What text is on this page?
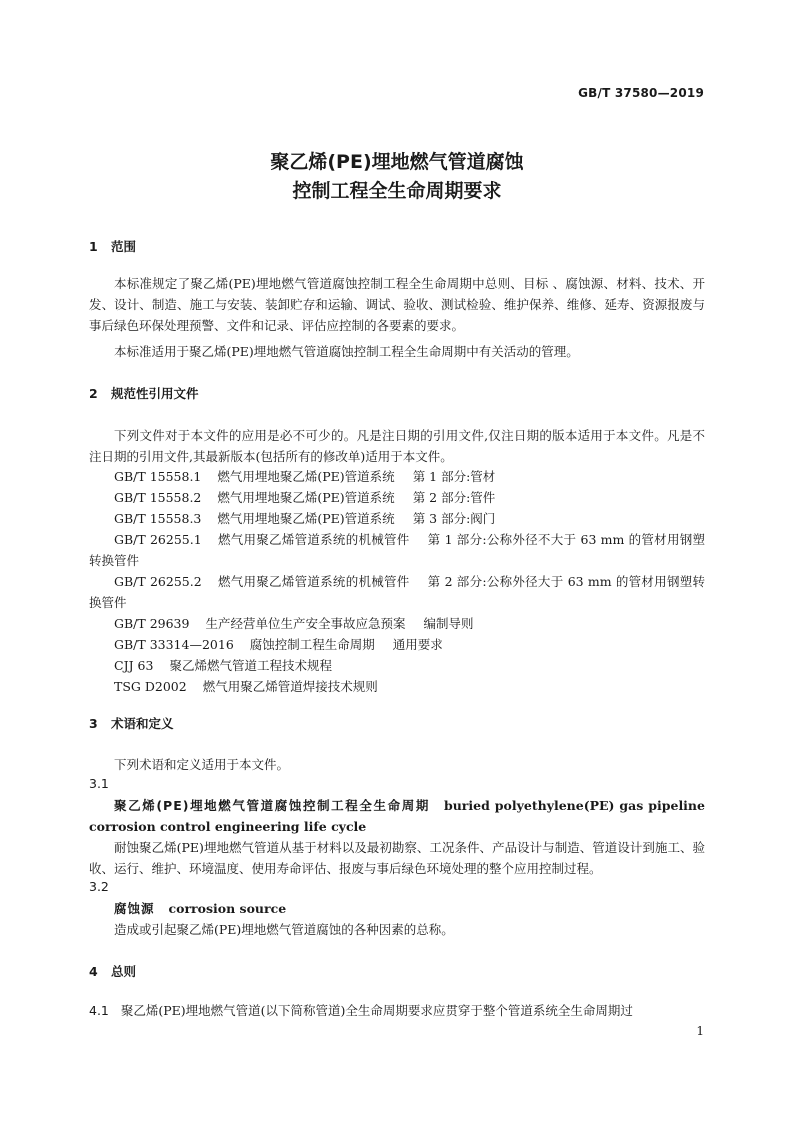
GB/T 37580—2019
聚乙烯(PE)埋地燃气管道腐蚀
控制工程全生命周期要求
1 范围
本标准规定了聚乙烯(PE)埋地燃气管道腐蚀控制工程全生命周期中总则、目标 、腐蚀源、材料、技术、开发、设计、制造、施工与安装、装卸贮存和运输、调试、验收、测试检验、维护保养、维修、延寿、资源报废与事后绿色环保处理预警、文件和记录、评估应控制的各要素的要求。
本标准适用于聚乙烯(PE)埋地燃气管道腐蚀控制工程全生命周期中有关活动的管理。
2 规范性引用文件
下列文件对于本文件的应用是必不可少的。凡是注日期的引用文件,仅注日期的版本适用于本文件。凡是不注日期的引用文件,其最新版本(包括所有的修改单)适用于本文件。
GB/T 15558.1 燃气用埋地聚乙烯(PE)管道系统 第 1 部分:管材
GB/T 15558.2 燃气用埋地聚乙烯(PE)管道系统 第 2 部分:管件
GB/T 15558.3 燃气用埋地聚乙烯(PE)管道系统 第 3 部分:阀门
GB/T 26255.1 燃气用聚乙烯管道系统的机械管件 第 1 部分:公称外径不大于 63 mm 的管材用钢塑转换管件
GB/T 26255.2 燃气用聚乙烯管道系统的机械管件 第 2 部分:公称外径大于 63 mm 的管材用钢塑转换管件
GB/T 29639 生产经营单位生产安全事故应急预案 编制导则
GB/T 33314—2016 腐蚀控制工程生命周期 通用要求
CJJ 63 聚乙烯燃气管道工程技术规程
TSG D2002 燃气用聚乙烯管道焊接技术规则
3 术语和定义
下列术语和定义适用于本文件。
3.1
聚乙烯(PE)埋地燃气管道腐蚀控制工程全生命周期 buried polyethylene(PE) gas pipeline corrosion control engineering life cycle
耐蚀聚乙烯(PE)埋地燃气管道从基于材料以及最初勘察、工况条件、产品设计与制造、管道设计到施工、验收、运行、维护、环境温度、使用寿命评估、报废与事后绿色环境处理的整个应用控制过程。
3.2
腐蚀源 corrosion source
造成或引起聚乙烯(PE)埋地燃气管道腐蚀的各种因素的总称。
4 总则
4.1 聚乙烯(PE)埋地燃气管道(以下简称管道)全生命周期要求应贯穿于整个管道系统全生命周期过
1
